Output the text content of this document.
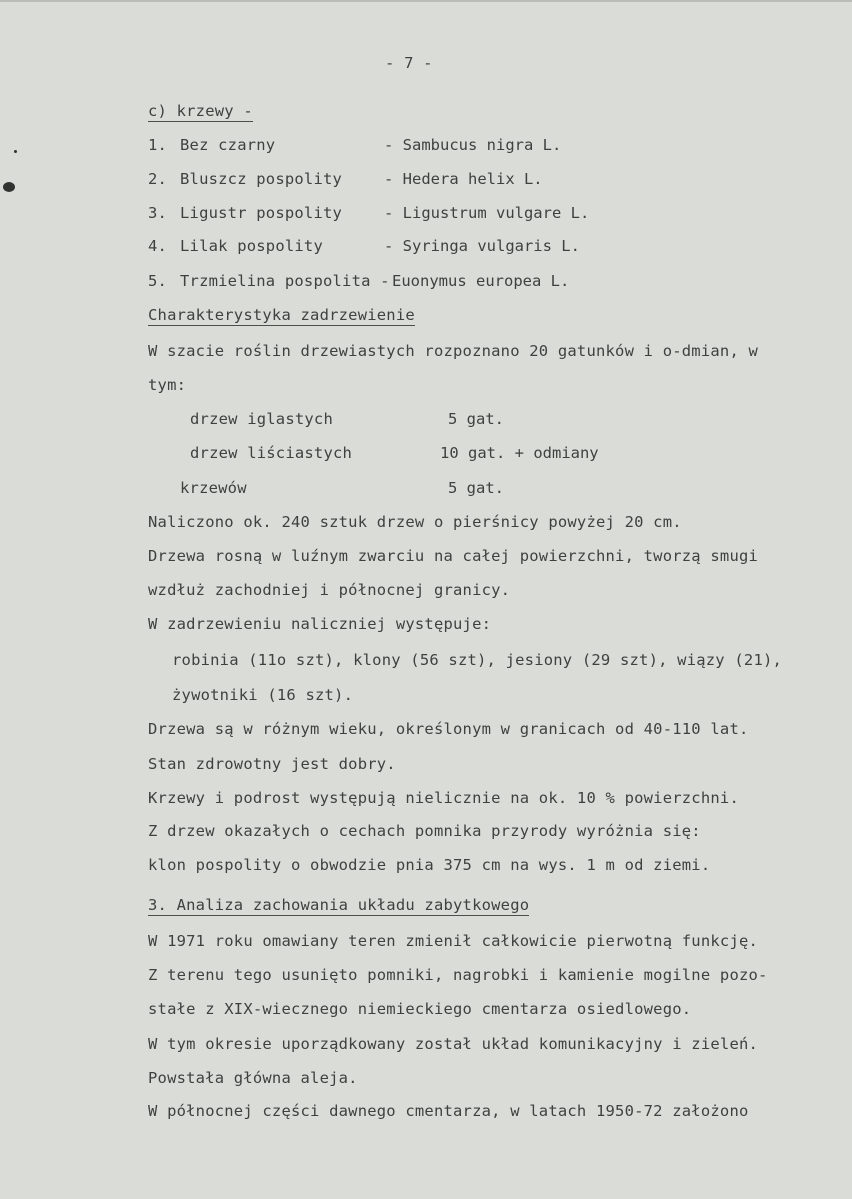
- 7 -
c) krzewy -
1. Bez czarny	- Sambucus nigra L.
2. Bluszcz pospolity	- Hedera helix L.
3. Ligustr pospolity	- Ligustrum vulgare L.
4. Lilak pospolity	- Syringa vulgaris L.
5. Trzmielina pospolita - Euonymus europea L.
Charakterystyka zadrzewienie
W szacie roślin drzewiastych rozpoznano 20 gatunków i o-dmian, w
tym:
drzew iglastych	5 gat.
drzew liściastych	10 gat. + odmiany
krzewów	5 gat.
Naliczono ok. 240 sztuk drzew o pierśnicy powyżej 20 cm.
Drzewa rosną w luźnym zwarciu na całej powierzchni, tworzą smugi
wzdłuż zachodniej i północnej granicy.
W zadrzewieniu naliczniej występuje:
robinia (11o szt), klony (56 szt), jesiony (29 szt), wiązy (21),
żywotniki (16 szt).
Drzewa są w różnym wieku, określonym w granicach od 40-110 lat.
Stan zdrowotny jest dobry.
Krzewy i podrost występują nielicznie na ok. 10 % powierzchni.
Z drzew okazałych o cechach pomnika przyrody wyróżnia się:
klon pospolity o obwodzie pnia 375 cm na wys. 1 m od ziemi.
3. Analiza zachowania układu zabytkowego
W 1971 roku omawiany teren zmienił całkowicie pierwotną funkcję.
Z terenu tego usunięto pomniki, nagrobki i kamienie mogilne pozo-
stałe z XIX-wiecznego niemieckiego cmentarza osiedlowego.
W tym okresie uporządkowany został układ komunikacyjny i zieleń.
Powstała główna aleja.
W północnej części dawnego cmentarza, w latach 1950-72 założono
